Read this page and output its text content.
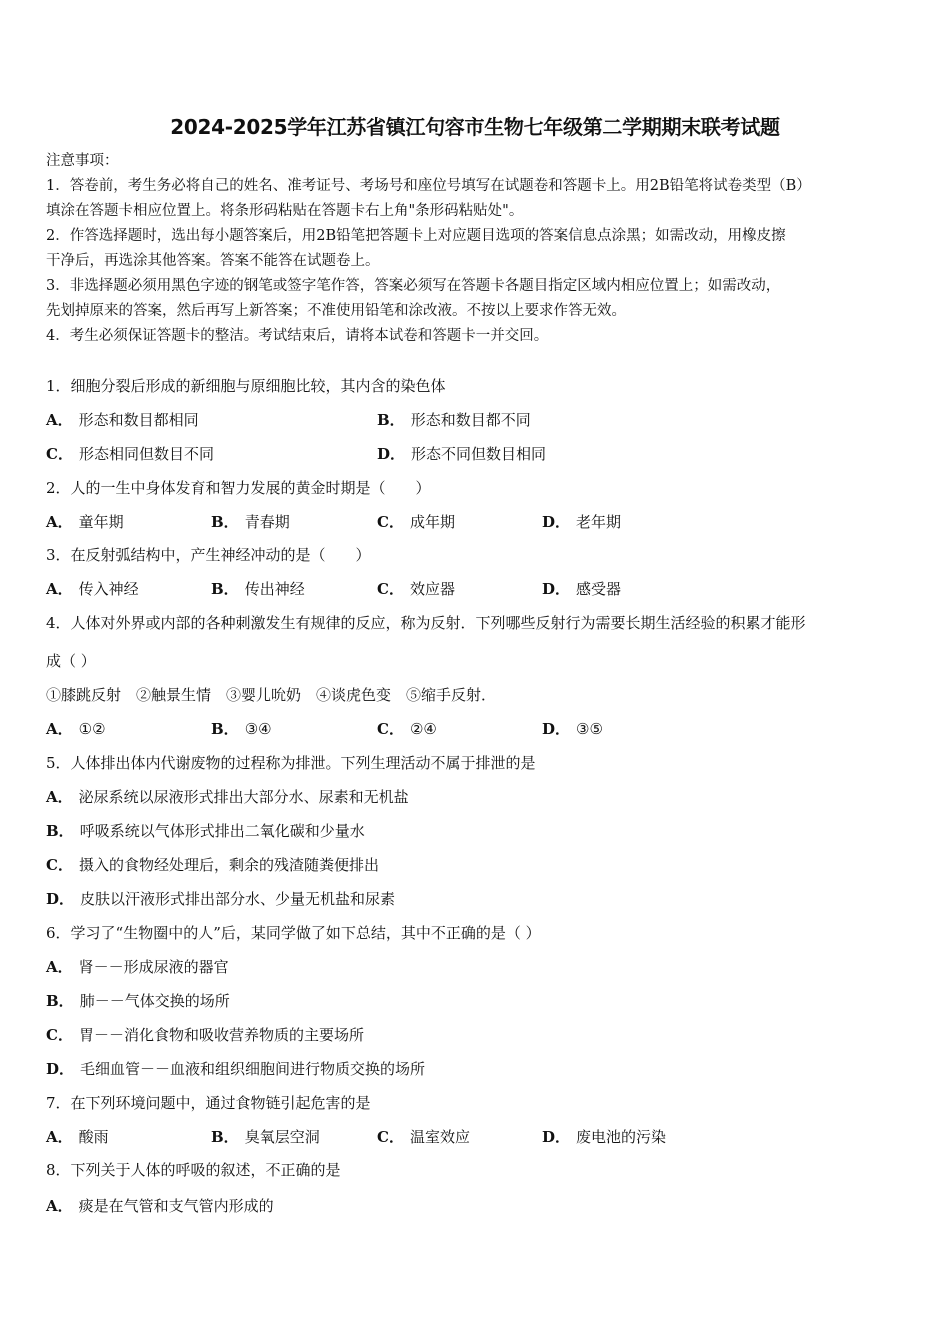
2024-2025学年江苏省镇江句容市生物七年级第二学期期末联考试题
注意事项：
1．答卷前，考生务必将自己的姓名、准考证号、考场号和座位号填写在试题卷和答题卡上。用2B铅笔将试卷类型（B）
填涂在答题卡相应位置上。将条形码粘贴在答题卡右上角"条形码粘贴处"。
2．作答选择题时，选出每小题答案后，用2B铅笔把答题卡上对应题目选项的答案信息点涂黑；如需改动，用橡皮擦
干净后，再选涂其他答案。答案不能答在试题卷上。
3．非选择题必须用黑色字迹的钢笔或签字笔作答，答案必须写在答题卡各题目指定区域内相应位置上；如需改动，
先划掉原来的答案，然后再写上新答案；不准使用铅笔和涂改液。不按以上要求作答无效。
4．考生必须保证答题卡的整洁。考试结束后，请将本试卷和答题卡一并交回。
1．细胞分裂后形成的新细胞与原细胞比较，其内含的染色体
A． 形态和数目都相同	B． 形态和数目都不同
C． 形态相同但数目不同	D． 形态不同但数目相同
2．人的一生中身体发育和智力发展的黄金时期是（　　）
A． 童年期	B． 青春期	C． 成年期	D． 老年期
3．在反射弧结构中，产生神经冲动的是（　　）
A． 传入神经	B． 传出神经	C． 效应器	D． 感受器
4．人体对外界或内部的各种刺激发生有规律的反应，称为反射．下列哪些反射行为需要长期生活经验的积累才能形
成（ ）
①膝跳反射　②触景生情　③婴儿吮奶　④谈虎色变　⑤缩手反射．
A． ①②	B． ③④	C． ②④	D． ③⑤
5．人体排出体内代谢废物的过程称为排泄。下列生理活动不属于排泄的是
A． 泌尿系统以尿液形式排出大部分水、尿素和无机盐
B． 呼吸系统以气体形式排出二氧化碳和少量水
C． 摄入的食物经处理后，剩余的残渣随粪便排出
D． 皮肤以汗液形式排出部分水、少量无机盐和尿素
6．学习了“生物圈中的人”后，某同学做了如下总结，其中不正确的是（ ）
A． 肾－－形成尿液的器官
B． 肺－－气体交换的场所
C． 胃－－消化食物和吸收营养物质的主要场所
D． 毛细血管－－血液和组织细胞间进行物质交换的场所
7．在下列环境问题中，通过食物链引起危害的是
A． 酸雨	B． 臭氧层空洞	C． 温室效应	D． 废电池的污染
8．下列关于人体的呼吸的叙述，不正确的是
A． 痰是在气管和支气管内形成的
